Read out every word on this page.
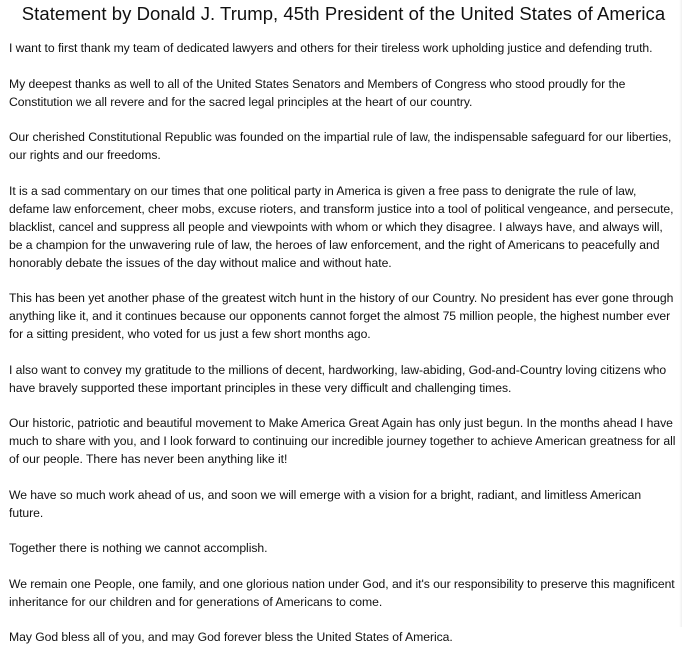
Statement by Donald J. Trump, 45th President of the United States of America

I want to first thank my team of dedicated lawyers and others for their tireless work upholding justice and defending truth.

My deepest thanks as well to all of the United States Senators and Members of Congress who stood proudly for the Constitution we all revere and for the sacred legal principles at the heart of our country.

Our cherished Constitutional Republic was founded on the impartial rule of law, the indispensable safeguard for our liberties, our rights and our freedoms.

It is a sad commentary on our times that one political party in America is given a free pass to denigrate the rule of law, defame law enforcement, cheer mobs, excuse rioters, and transform justice into a tool of political vengeance, and persecute, blacklist, cancel and suppress all people and viewpoints with whom or which they disagree. I always have, and always will, be a champion for the unwavering rule of law, the heroes of law enforcement, and the right of Americans to peacefully and honorably debate the issues of the day without malice and without hate.

This has been yet another phase of the greatest witch hunt in the history of our Country. No president has ever gone through anything like it, and it continues because our opponents cannot forget the almost 75 million people, the highest number ever for a sitting president, who voted for us just a few short months ago.

I also want to convey my gratitude to the millions of decent, hardworking, law-abiding, God-and-Country loving citizens who have bravely supported these important principles in these very difficult and challenging times.

Our historic, patriotic and beautiful movement to Make America Great Again has only just begun. In the months ahead I have much to share with you, and I look forward to continuing our incredible journey together to achieve American greatness for all of our people. There has never been anything like it!

We have so much work ahead of us, and soon we will emerge with a vision for a bright, radiant, and limitless American future.

Together there is nothing we cannot accomplish.

We remain one People, one family, and one glorious nation under God, and it's our responsibility to preserve this magnificent inheritance for our children and for generations of Americans to come.

May God bless all of you, and may God forever bless the United States of America.
